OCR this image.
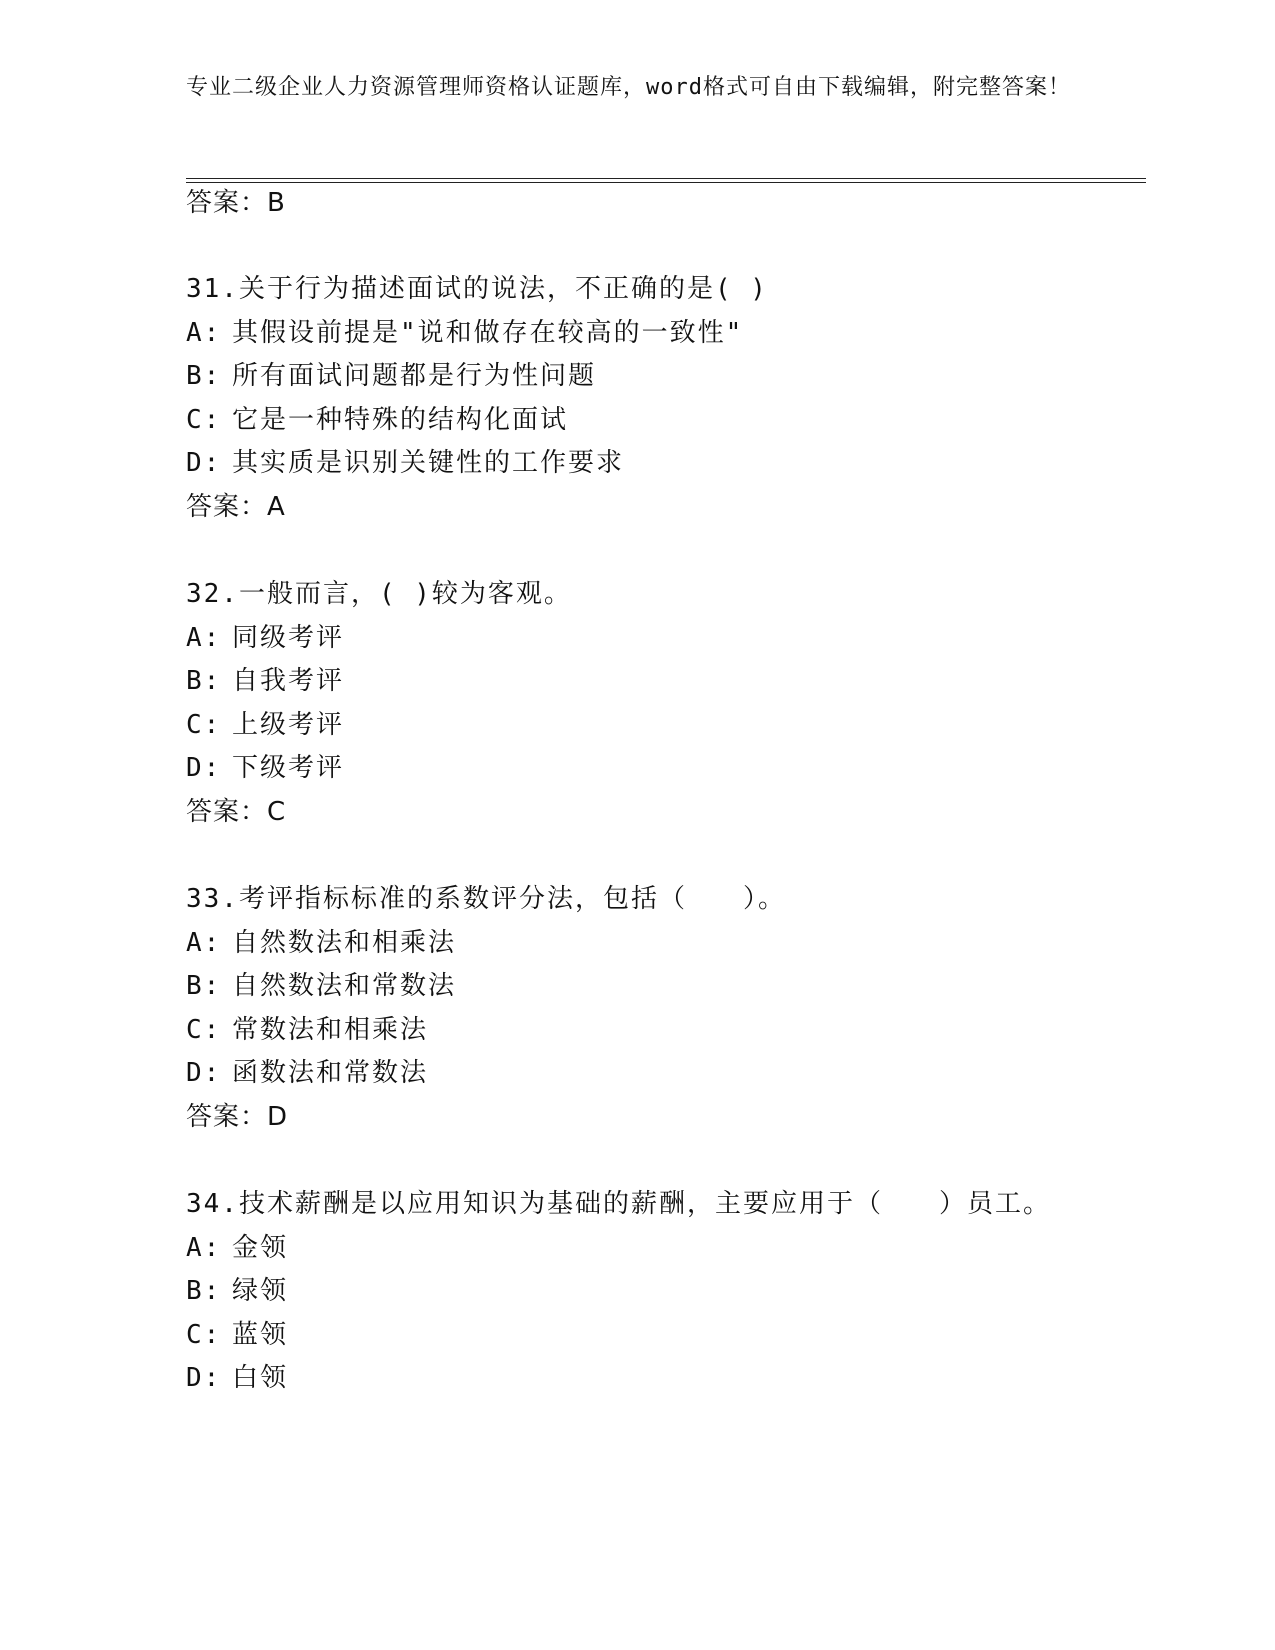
专业二级企业人力资源管理师资格认证题库，word格式可自由下载编辑，附完整答案！
答案：B
31.关于行为描述面试的说法，不正确的是( )
A: 其假设前提是"说和做存在较高的一致性"
B: 所有面试问题都是行为性问题
C: 它是一种特殊的结构化面试
D: 其实质是识别关键性的工作要求
答案：A
32.一般而言，( )较为客观。
A: 同级考评
B: 自我考评
C: 上级考评
D: 下级考评
答案：C
33.考评指标标准的系数评分法，包括（　　）。
A: 自然数法和相乘法
B: 自然数法和常数法
C: 常数法和相乘法
D: 函数法和常数法
答案：D
34.技术薪酬是以应用知识为基础的薪酬，主要应用于（　　）员工。
A: 金领
B: 绿领
C: 蓝领
D: 白领
